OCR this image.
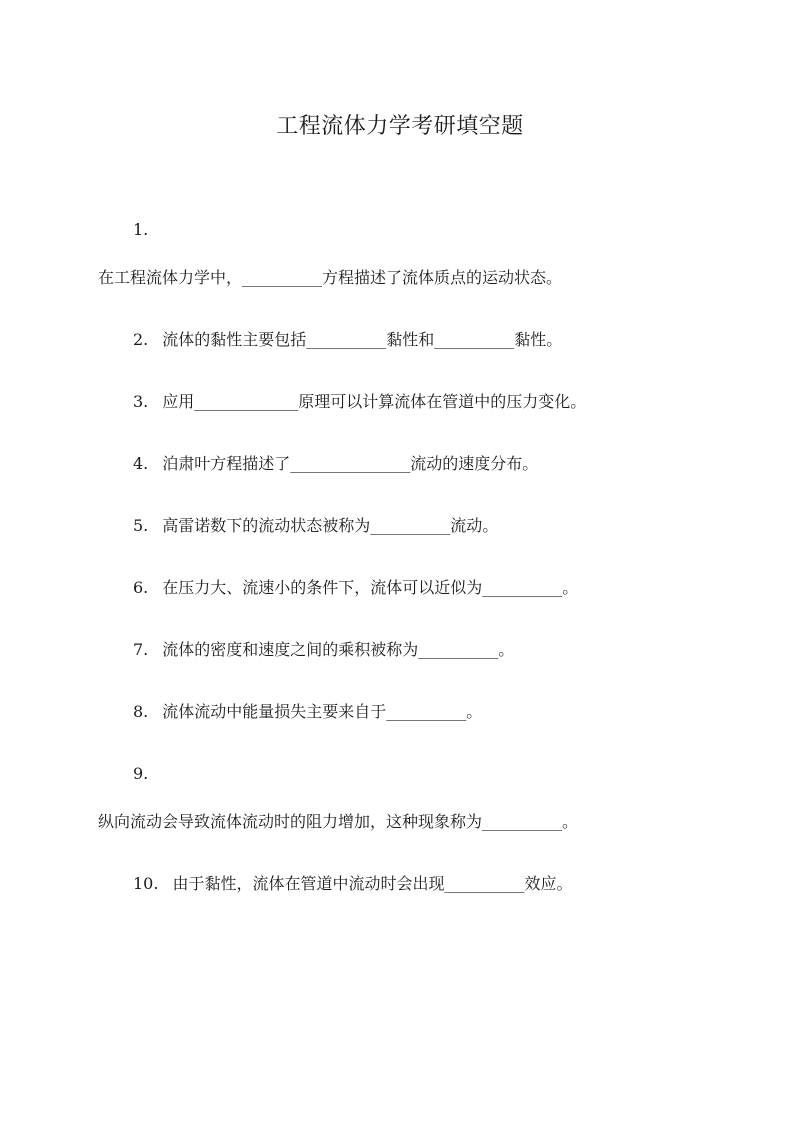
工程流体力学考研填空题
1.
在工程流体力学中，__________方程描述了流体质点的运动状态。
2. 流体的黏性主要包括__________黏性和__________黏性。
3. 应用_____________原理可以计算流体在管道中的压力变化。
4. 泊肃叶方程描述了_______________流动的速度分布。
5. 高雷诺数下的流动状态被称为__________流动。
6. 在压力大、流速小的条件下，流体可以近似为__________。
7. 流体的密度和速度之间的乘积被称为__________。
8. 流体流动中能量损失主要来自于__________。
9.
纵向流动会导致流体流动时的阻力增加，这种现象称为__________。
10. 由于黏性，流体在管道中流动时会出现__________效应。
